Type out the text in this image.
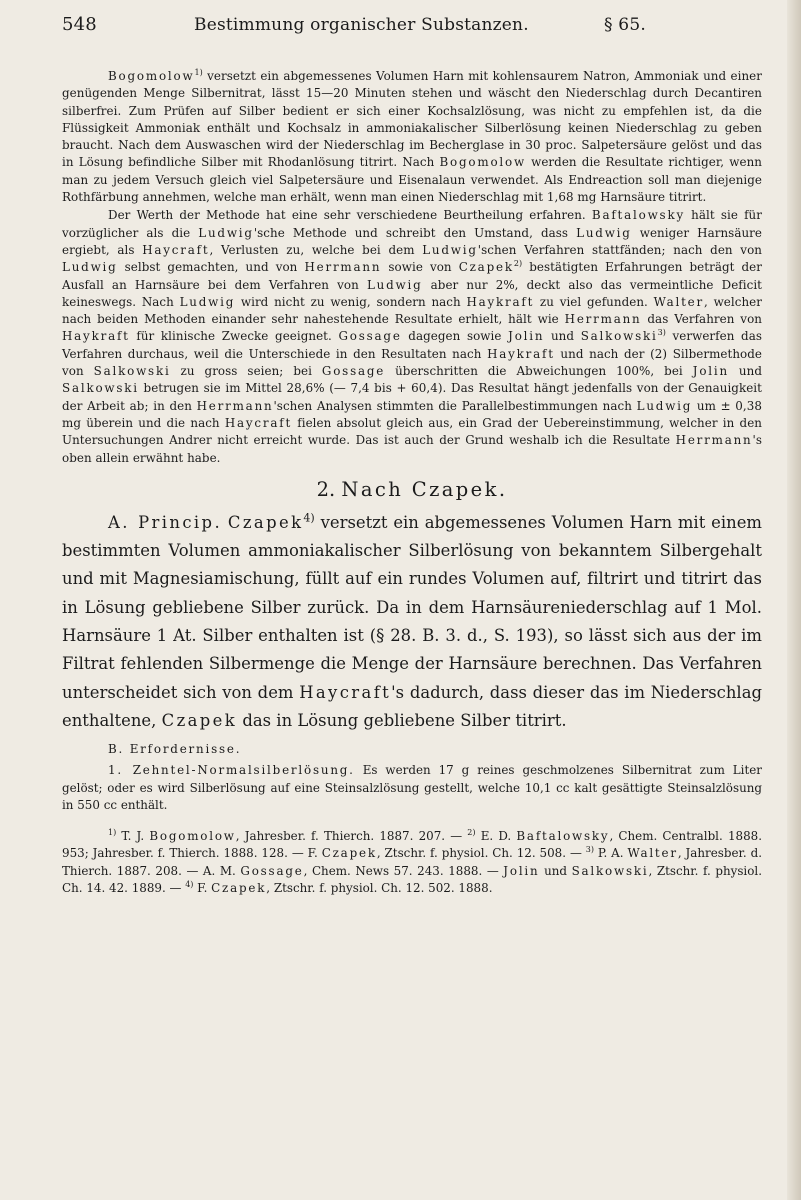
548	Bestimmung organischer Substanzen.	§ 65.

Bogomolow$^{1)}$ versetzt ein abgemessenes Volumen Harn mit kohlensaurem Natron, Ammoniak und einer genügenden Menge Silbernitrat, lässt 15—20 Minuten stehen und wäscht den Niederschlag durch Decantiren silberfrei. Zum Prüfen auf Silber bedient er sich einer Kochsalzlösung, was nicht zu empfehlen ist, da die Flüssigkeit Ammoniak enthält und Kochsalz in ammoniakalischer Silberlösung keinen Niederschlag zu geben braucht. Nach dem Auswaschen wird der Niederschlag im Becherglase in 30 proc. Salpetersäure gelöst und das in Lösung befindliche Silber mit Rhodanlösung titrirt. Nach Bogomolow werden die Resultate richtiger, wenn man zu jedem Versuch gleich viel Salpetersäure und Eisenalaun verwendet. Als Endreaction soll man diejenige Rothfärbung annehmen, welche man erhält, wenn man einen Niederschlag mit 1,68 mg Harnsäure titrirt.

Der Werth der Methode hat eine sehr verschiedene Beurtheilung erfahren. Baftalowsky hält sie für vorzüglicher als die Ludwig'sche Methode und schreibt den Umstand, dass Ludwig weniger Harnsäure ergiebt, als Haycraft, Verlusten zu, welche bei dem Ludwig'schen Verfahren stattfänden; nach den von Ludwig selbst gemachten, und von Herrmann sowie von Czapek$^{2)}$ bestätigten Erfahrungen beträgt der Ausfall an Harnsäure bei dem Verfahren von Ludwig aber nur 2%, deckt also das vermeintliche Deficit keineswegs. Nach Ludwig wird nicht zu wenig, sondern nach Haykraft zu viel gefunden. Walter, welcher nach beiden Methoden einander sehr nahestehende Resultate erhielt, hält wie Herrmann das Verfahren von Haykraft für klinische Zwecke geeignet. Gossage dagegen sowie Jolin und Salkowski$^{3)}$ verwerfen das Verfahren durchaus, weil die Unterschiede in den Resultaten nach Haykraft und nach der (2) Silbermethode von Salkowski zu gross seien; bei Gossage überschritten die Abweichungen 100%, bei Jolin und Salkowski betrugen sie im Mittel 28,6% (— 7,4 bis + 60,4). Das Resultat hängt jedenfalls von der Genauigkeit der Arbeit ab; in den Herrmann'schen Analysen stimmten die Parallelbestimmungen nach Ludwig um ± 0,38 mg überein und die nach Haycraft fielen absolut gleich aus, ein Grad der Uebereinstimmung, welcher in den Untersuchungen Andrer nicht erreicht wurde. Das ist auch der Grund weshalb ich die Resultate Herrmann's oben allein erwähnt habe.

2. Nach Czapek.

A. Princip. Czapek$^{4)}$ versetzt ein abgemessenes Volumen Harn mit einem bestimmten Volumen ammoniakalischer Silberlösung von bekanntem Silbergehalt und mit Magnesiamischung, füllt auf ein rundes Volumen auf, filtrirt und titrirt das in Lösung gebliebene Silber zurück. Da in dem Harnsäureniederschlag auf 1 Mol. Harnsäure 1 At. Silber enthalten ist (§ 28. B. 3. d., S. 193), so lässt sich aus der im Filtrat fehlenden Silbermenge die Menge der Harnsäure berechnen. Das Verfahren unterscheidet sich von dem Haycraft's dadurch, dass dieser das im Niederschlag enthaltene, Czapek das in Lösung gebliebene Silber titrirt.

B. Erfordernisse.

1. Zehntel-Normalsilberlösung. Es werden 17 g reines geschmolzenes Silbernitrat zum Liter gelöst; oder es wird Silberlösung auf eine Steinsalzlösung gestellt, welche 10,1 cc kalt gesättigte Steinsalzlösung in 550 cc enthält.

$^{1)}$ T. J. Bogomolow, Jahresber. f. Thierch. 1887. 207. — $^{2)}$ E. D. Baftalowsky, Chem. Centralbl. 1888. 953; Jahresber. f. Thierch. 1888. 128. — F. Czapek, Ztschr. f. physiol. Ch. 12. 508. — $^{3)}$ P. A. Walter, Jahresber. d. Thierch. 1887. 208. — A. M. Gossage, Chem. News 57. 243. 1888. — Jolin und Salkowski, Ztschr. f. physiol. Ch. 14. 42. 1889. — $^{4)}$ F. Czapek, Ztschr. f. physiol. Ch. 12. 502. 1888.
